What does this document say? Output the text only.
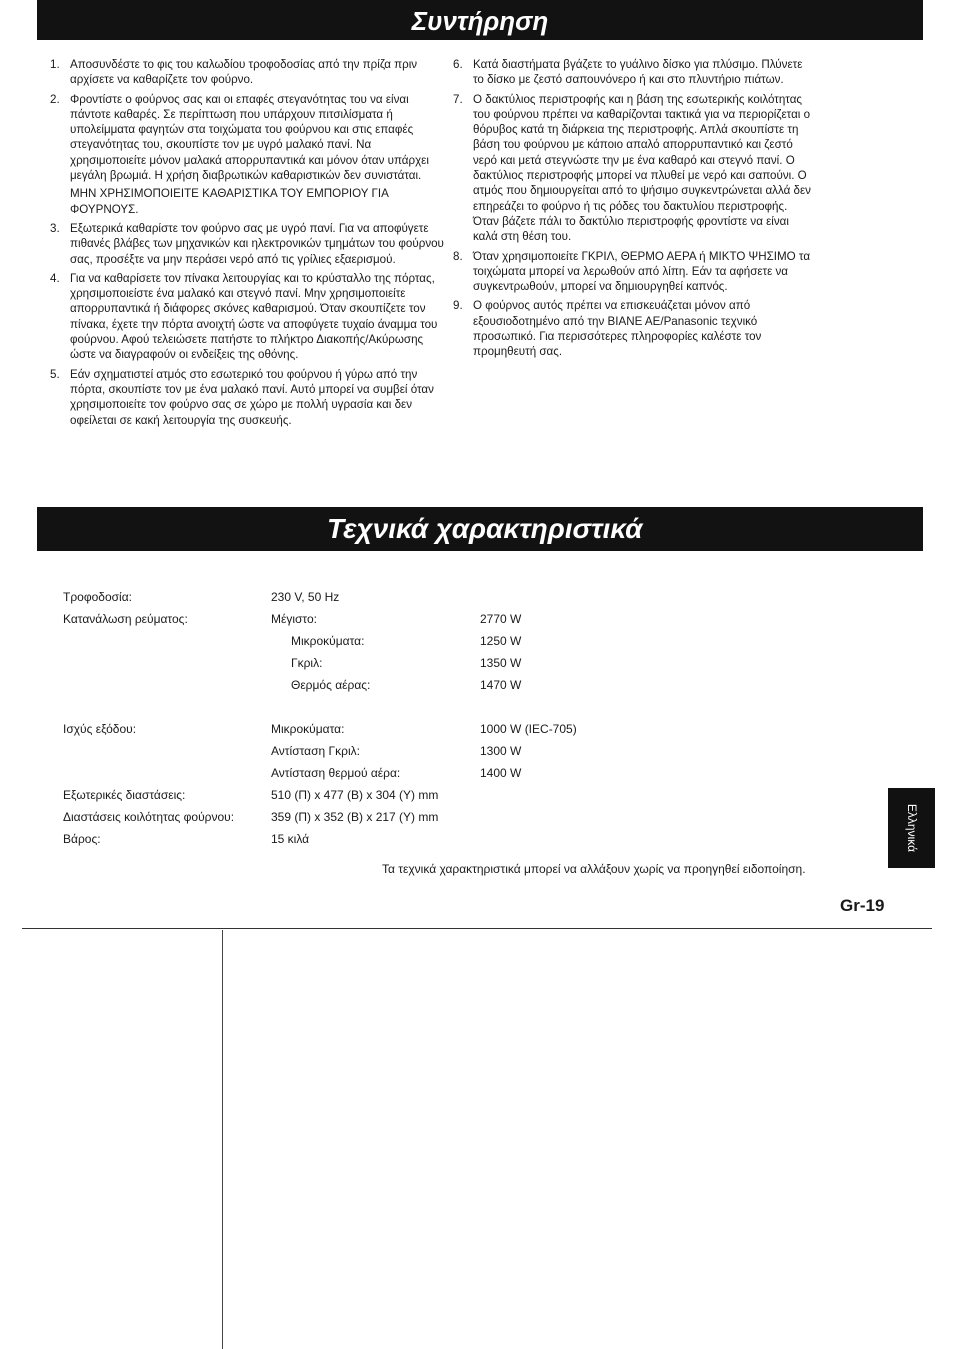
Συντήρηση
1. Αποσυνδέστε το φις του καλωδίου τροφοδοσίας από την πρίζα πριν αρχίσετε να καθαρίζετε τον φούρνο.

2. Φροντίστε ο φούρνος σας και οι επαφές στεγανότητας του να είναι πάντοτε καθαρές. Σε περίπτωση που υπάρχουν πιτσιλίσματα ή υπολείμματα φαγητών στα τοιχώματα του φούρνου και στις επαφές στεγανότητας του, σκουπίστε τον με υγρό μαλακό πανί. Να χρησιμοποιείτε μόνον μαλακά απορρυπαντικά και μόνον όταν υπάρχει μεγάλη βρωμιά. Η χρήση διαβρωτικών καθαριστικών δεν συνιστάται.

ΜΗΝ ΧΡΗΣΙΜΟΠΟΙΕΙΤΕ ΚΑΘΑΡΙΣΤΙΚΑ ΤΟΥ ΕΜΠΟΡΙΟΥ ΓΙΑ ΦΟΥΡΝΟΥΣ.

3. Εξωτερικά καθαρίστε τον φούρνο σας με υγρό πανί. Για να αποφύγετε πιθανές βλάβες των μηχανικών και ηλεκτρονικών τμημάτων του φούρνου σας, προσέξτε να μην περάσει νερό από τις γρίλιες εξαερισμού.

4. Για να καθαρίσετε τον πίνακα λειτουργίας και το κρύσταλλο της πόρτας, χρησιμοποιείστε ένα μαλακό και στεγνό πανί. Μην χρησιμοποιείτε απορρυπαντικά ή διάφορες σκόνες καθαρισμού. Όταν σκουπίζετε τον πίνακα, έχετε την πόρτα ανοιχτή ώστε να αποφύγετε τυχαίο άναμμα του φούρνου. Αφού τελειώσετε πατήστε το πλήκτρο Διακοπής/Ακύρωσης ώστε να διαγραφούν οι ενδείξεις της οθόνης.

5. Εάν σχηματιστεί ατμός στο εσωτερικό του φούρνου ή γύρω από την πόρτα, σκουπίστε τον με ένα μαλακό πανί. Αυτό μπορεί να συμβεί όταν χρησιμοποιείτε τον φούρνο σας σε χώρο με πολλή υγρασία και δεν οφείλεται σε κακή λειτουργία της συσκευής.

6. Κατά διαστήματα βγάζετε το γυάλινο δίσκο για πλύσιμο. Πλύνετε το δίσκο με ζεστό σαπουνόνερο ή και στο πλυντήριο πιάτων.

7. Ο δακτύλιος περιστροφής και η βάση της εσωτερικής κοιλότητας του φούρνου πρέπει να καθαρίζονται τακτικά για να περιορίζεται ο θόρυβος κατά τη διάρκεια της περιστροφής. Απλά σκουπίστε τη βάση του φούρνου με κάποιο απαλό απορρυπαντικό και ζεστό νερό και μετά στεγνώστε την με ένα καθαρό και στεγνό πανί. Ο δακτύλιος περιστροφής μπορεί να πλυθεί με νερό και σαπούνι. Ο ατμός που δημιουργείται από το ψήσιμο συγκεντρώνεται αλλά δεν επηρεάζει το φούρνο ή τις ρόδες του δακτυλίου περιστροφής. Όταν βάζετε πάλι το δακτύλιο περιστροφής φροντίστε να είναι καλά στη θέση του.

8. Όταν χρησιμοποιείτε ΓΚΡΙΛ, ΘΕΡΜΟ ΑΕΡΑ ή ΜΙΚΤΟ ΨΗΣΙΜΟ τα τοιχώματα μπορεί να λερωθούν από λίπη. Εάν τα αφήσετε να συγκεντρωθούν, μπορεί να δημιουργηθεί καπνός.

9. Ο φούρνος αυτός πρέπει να επισκευάζεται μόνον από εξουσιοδοτημένο από την ΒΙΑΝΕ ΑΕ/Panasonic τεχνικό προσωπικό. Για περισσότερες πληροφορίες καλέστε τον προμηθευτή σας.

Τεχνικά χαρακτηριστικά
Τροφοδοσία:	230 V, 50 Hz
Κατανάλωση ρεύματος:	Μέγιστο:	2770 W
Μικροκύματα:	1250 W
Γκριλ:	1350 W
Θερμός αέρας:	1470 W
Ισχύς εξόδου:	Μικροκύματα:	1000 W (IEC-705)
Αντίσταση Γκριλ:	1300 W
Αντίσταση θερμού αέρα:	1400 W
Εξωτερικές διαστάσεις:	510 (Π) x 477 (Β) x 304 (Υ) mm
Διαστάσεις κοιλότητας φούρνου:	359 (Π) x 352 (Β) x 217 (Υ) mm
Βάρος:	15 κιλά
Τα τεχνικά χαρακτηριστικά μπορεί να αλλάξουν χωρίς να προηγηθεί ειδοποίηση.
Ελληνικά
Gr-19
